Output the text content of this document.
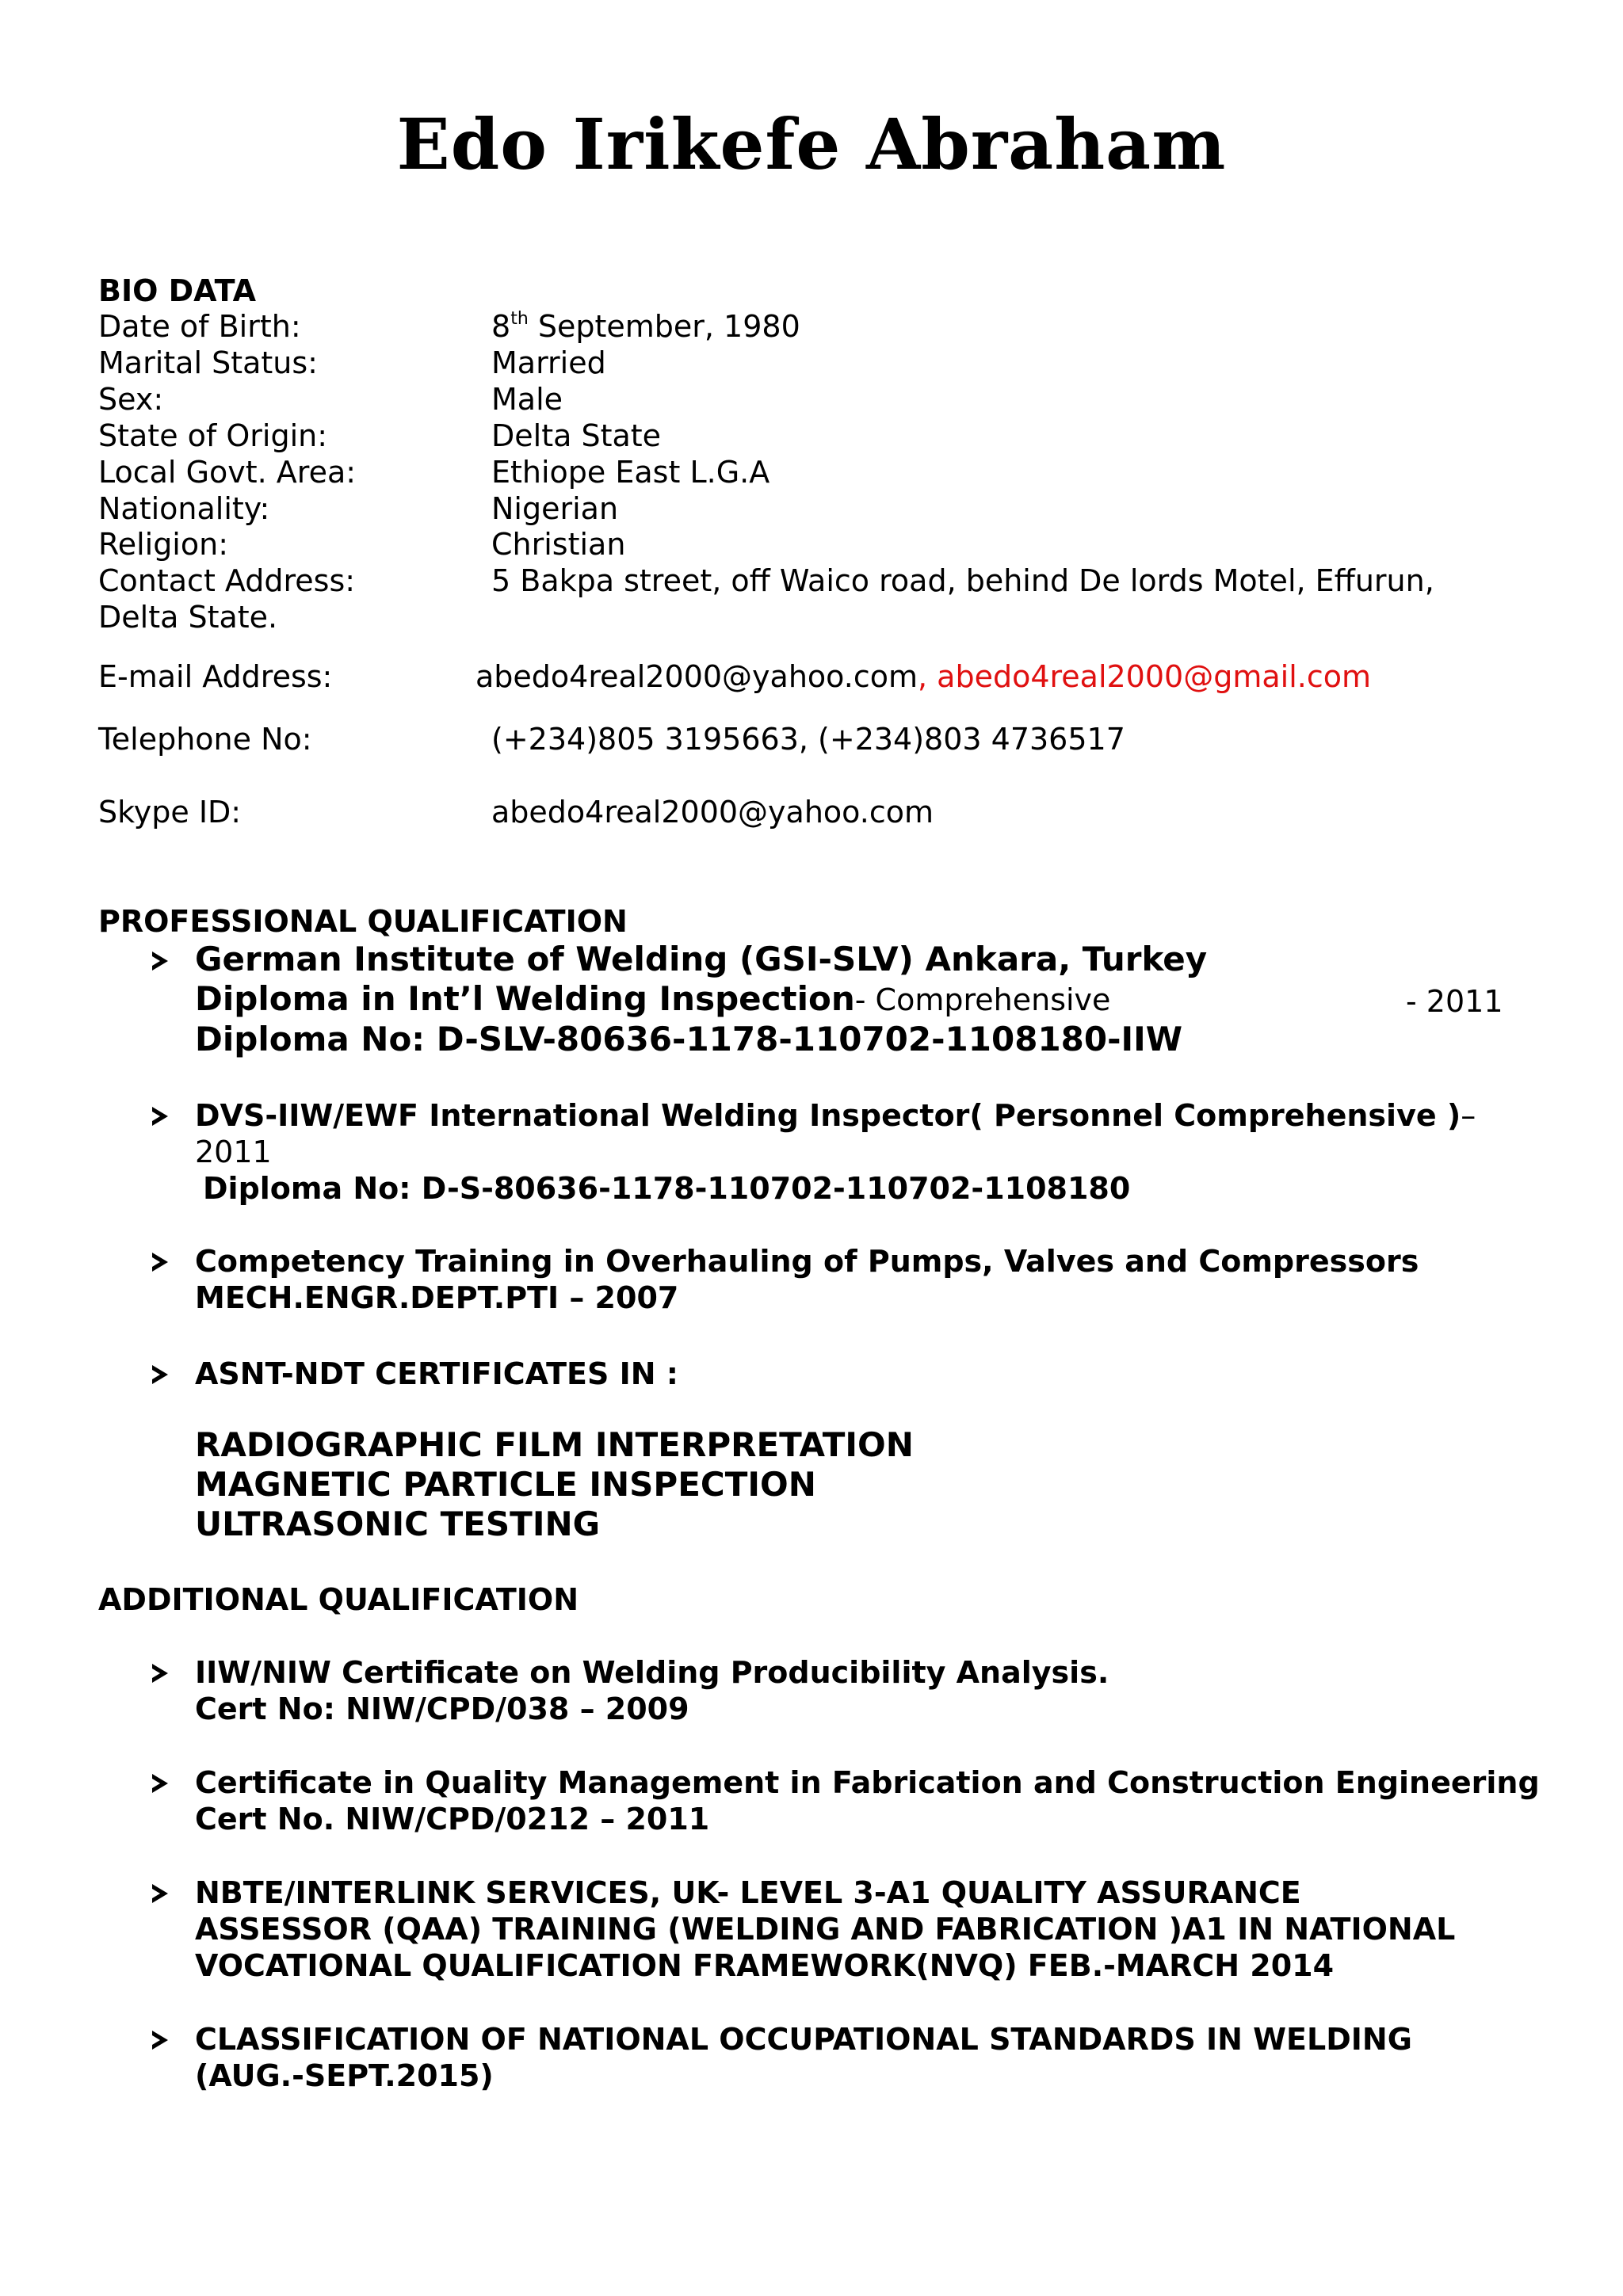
Edo Irikefe Abraham
BIO DATA
Date of Birth:	8th September, 1980
Marital Status:	Married
Sex:	Male
State of Origin:	Delta State
Local Govt. Area:	Ethiope East L.G.A
Nationality:	Nigerian
Religion:	Christian
Contact Address:	5 Bakpa street, off Waico road, behind De lords Motel, Effurun,
Delta State.
E-mail Address:	abedo4real2000@yahoo.com, abedo4real2000@gmail.com
Telephone No:	(+234)805 3195663, (+234)803 4736517
Skype ID:	abedo4real2000@yahoo.com
PROFESSIONAL QUALIFICATION
German Institute of Welding (GSI-SLV) Ankara, Turkey
Diploma in Int’l Welding Inspection- Comprehensive	- 2011
Diploma No: D-SLV-80636-1178-110702-1108180-IIW
DVS-IIW/EWF International Welding Inspector( Personnel Comprehensive )–
2011
Diploma No: D-S-80636-1178-110702-110702-1108180
Competency Training in Overhauling of Pumps, Valves and Compressors
MECH.ENGR.DEPT.PTI – 2007
ASNT-NDT CERTIFICATES IN :
RADIOGRAPHIC FILM INTERPRETATION
MAGNETIC PARTICLE INSPECTION
ULTRASONIC TESTING
ADDITIONAL QUALIFICATION
IIW/NIW Certificate on Welding Producibility Analysis.
Cert No: NIW/CPD/038 – 2009
Certificate in Quality Management in Fabrication and Construction Engineering
Cert No. NIW/CPD/0212 – 2011
NBTE/INTERLINK SERVICES, UK- LEVEL 3-A1 QUALITY ASSURANCE
ASSESSOR (QAA) TRAINING (WELDING AND FABRICATION )A1 IN NATIONAL
VOCATIONAL QUALIFICATION FRAMEWORK(NVQ) FEB.-MARCH 2014
CLASSIFICATION OF NATIONAL OCCUPATIONAL STANDARDS IN WELDING
(AUG.-SEPT.2015)
